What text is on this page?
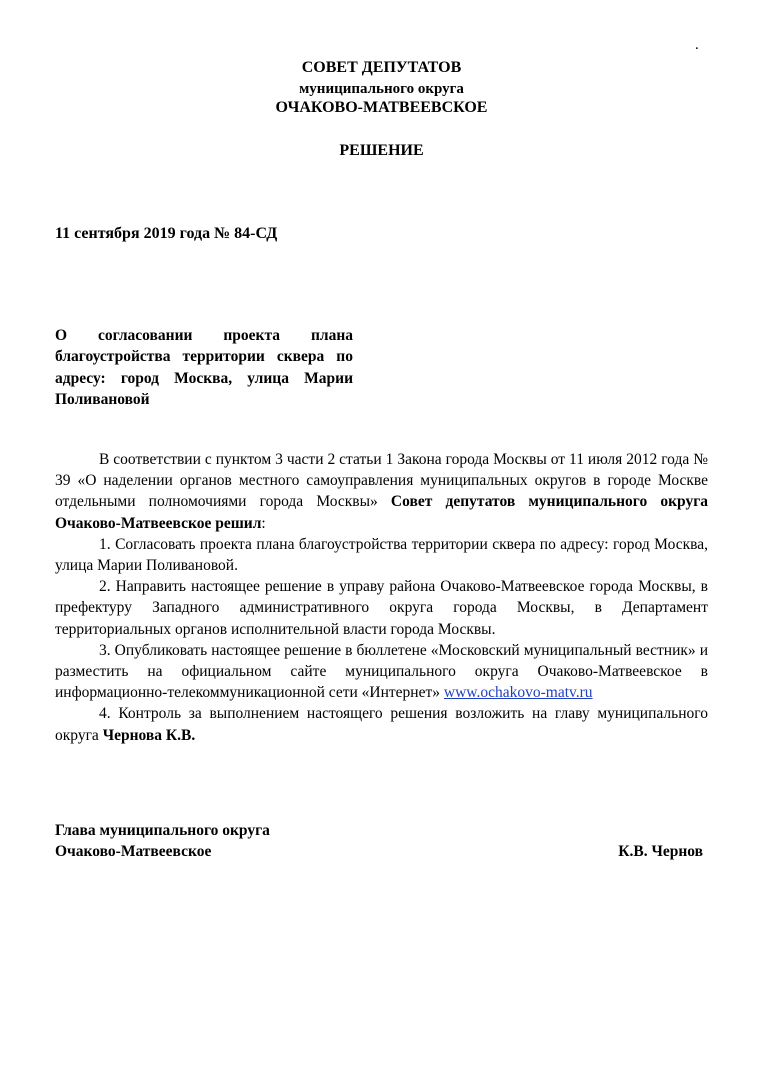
.
СОВЕТ ДЕПУТАТОВ
муниципального округа
ОЧАКОВО-МАТВЕЕВСКОЕ
РЕШЕНИЕ
11 сентября 2019 года № 84-СД
О согласовании проекта плана благоустройства территории сквера по адресу: город Москва, улица Марии Поливановой

В соответствии с пунктом 3 части 2 статьи 1 Закона города Москвы от 11 июля 2012 года № 39 «О наделении органов местного самоуправления муниципальных округов в городе Москве отдельными полномочиями города Москвы» Совет депутатов муниципального округа Очаково-Матвеевское решил:

1. Согласовать проекта плана благоустройства территории сквера по адресу: город Москва, улица Марии Поливановой.

2. Направить настоящее решение в управу района Очаково-Матвеевское города Москвы, в префектуру Западного административного округа города Москвы, в Департамент территориальных органов исполнительной власти города Москвы.

3. Опубликовать настоящее решение в бюллетене «Московский муниципальный вестник» и разместить на официальном сайте муниципального округа Очаково-Матвеевское в информационно-телекоммуникационной сети «Интернет» www.ochakovo-matv.ru

4. Контроль за выполнением настоящего решения возложить на главу муниципального округа Чернова К.В.

Глава муниципального округа
Очаково-Матвеевское	К.В. Чернов
